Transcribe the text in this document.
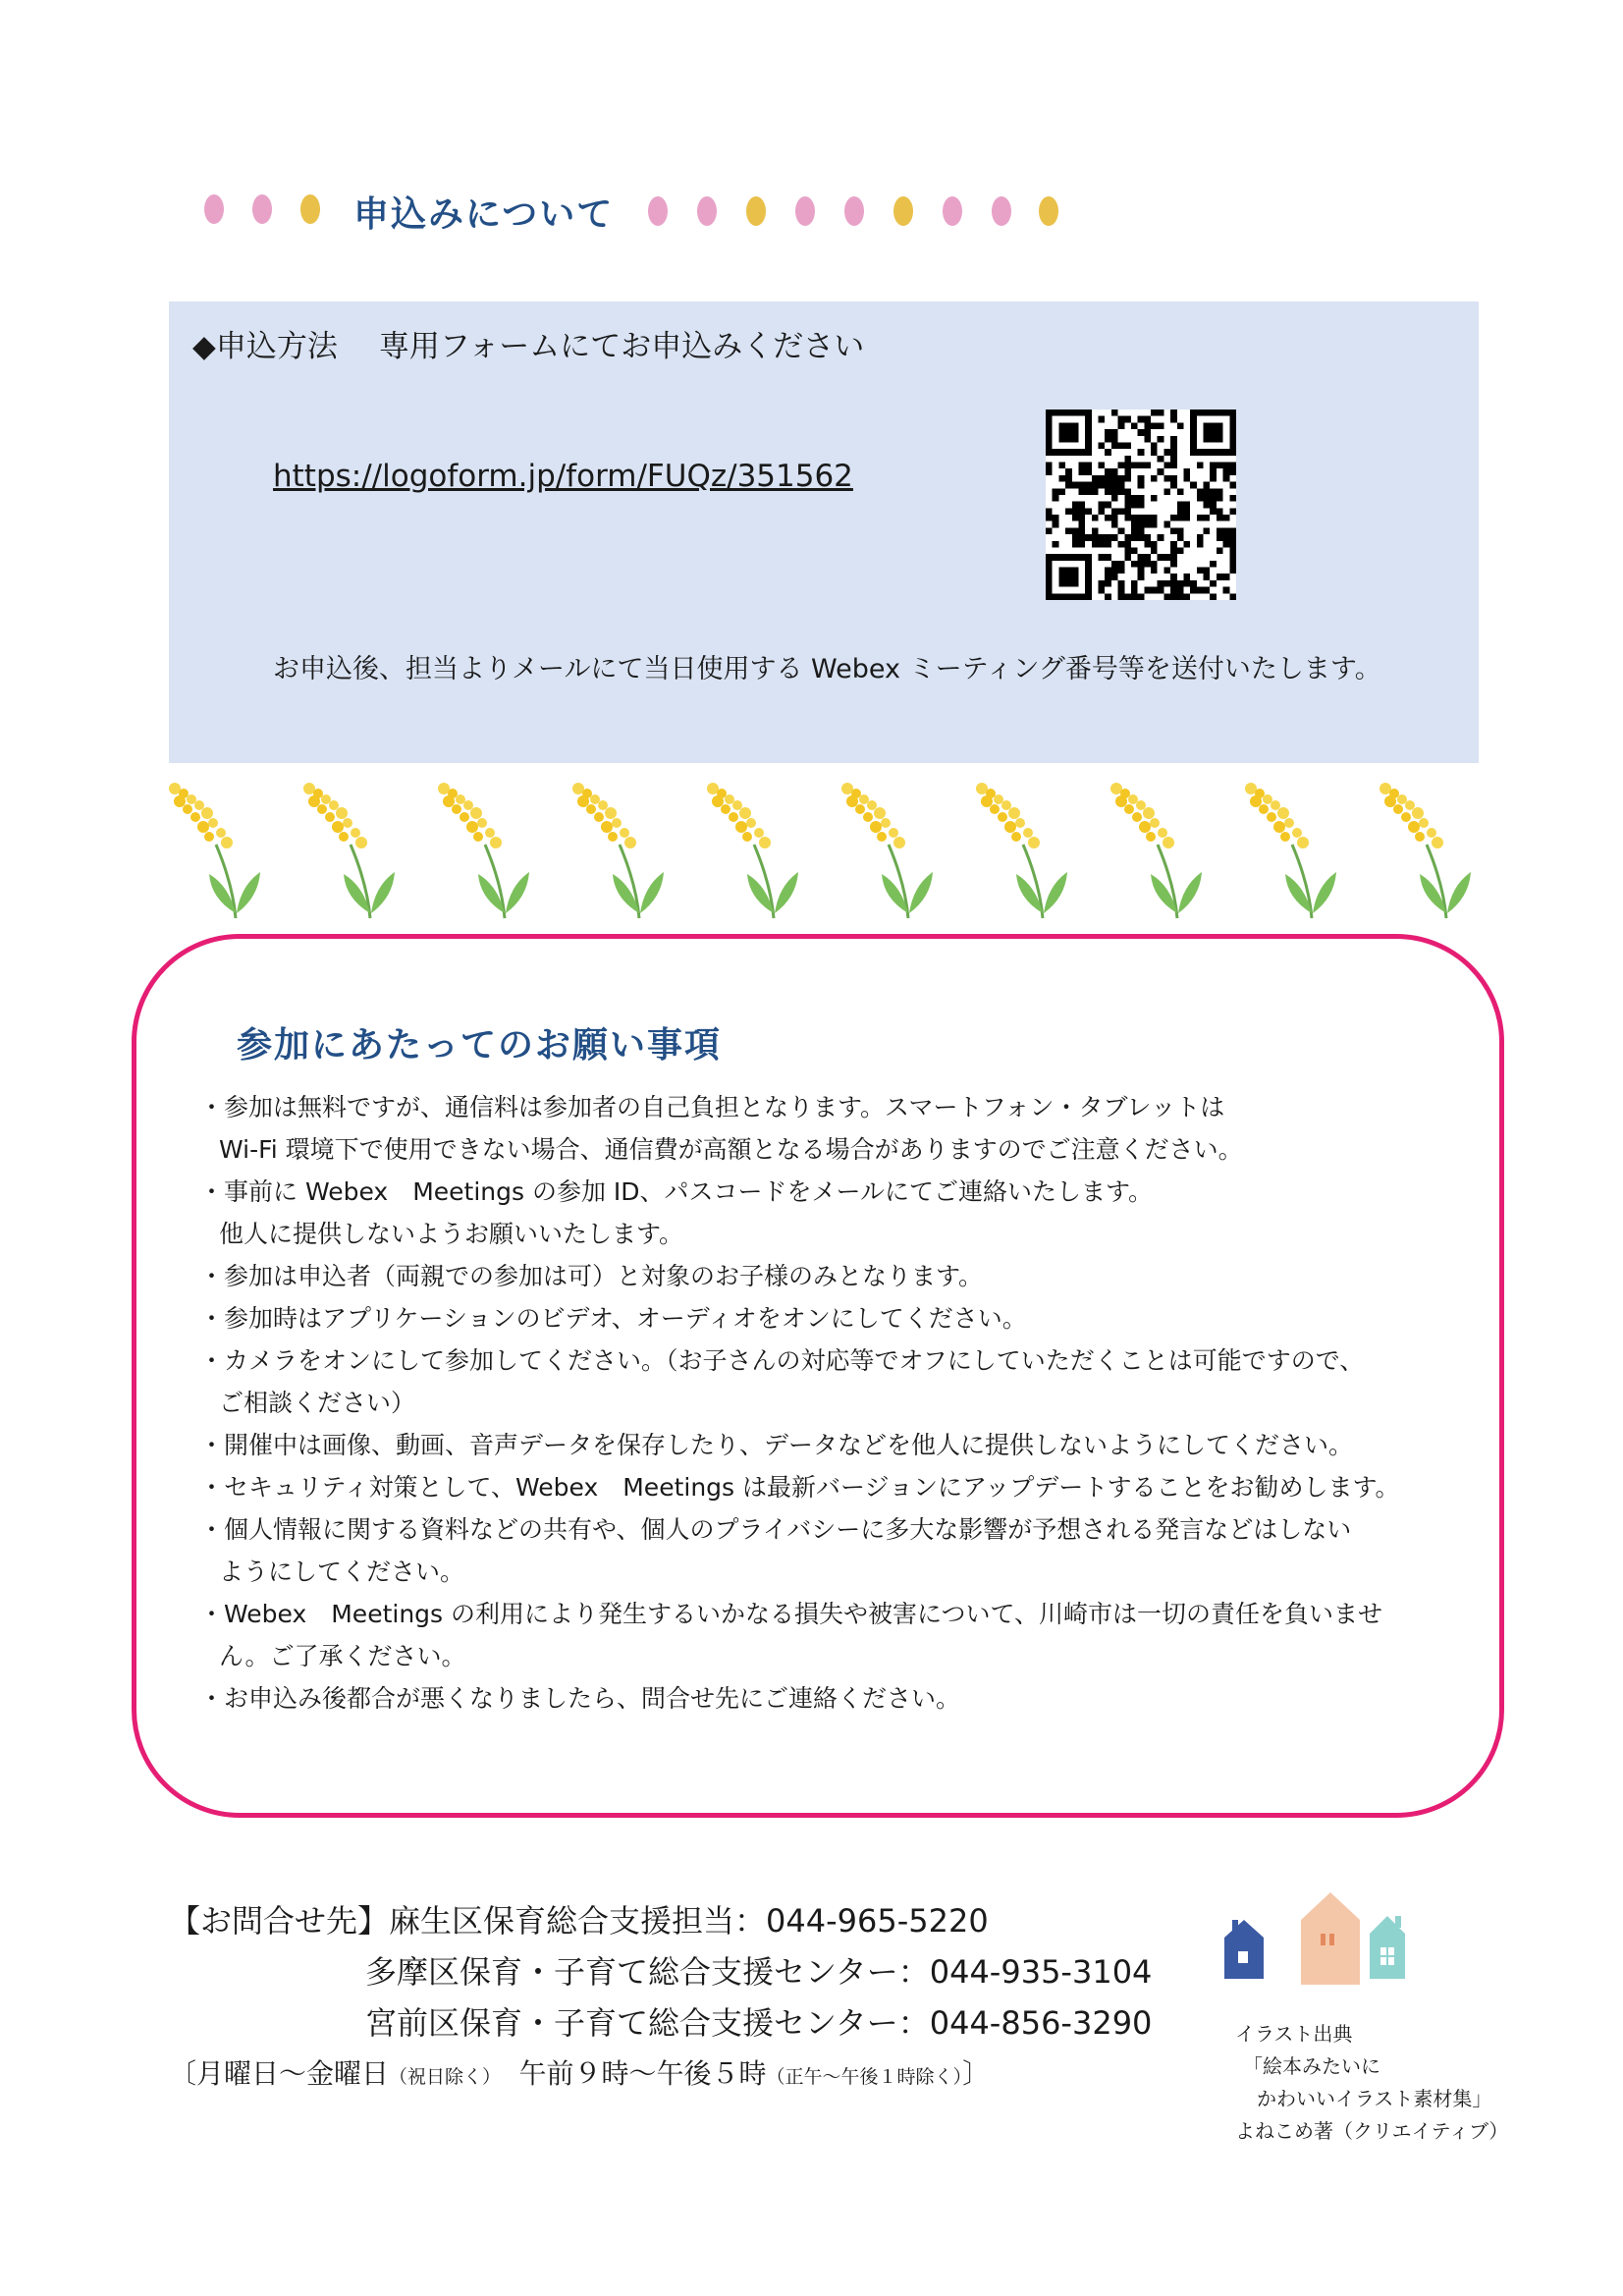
申込みについて
◆申込方法 専用フォームにてお申込みください
https://logoform.jp/form/FUQz/351562
お申込後、担当よりメールにて当日使用する Webex ミーティング番号等を送付いたします。
参加にあたってのお願い事項
・参加は無料ですが、通信料は参加者の自己負担となります。スマートフォン・タブレットは
Wi-Fi 環境下で使用できない場合、通信費が高額となる場合がありますのでご注意ください。
・事前に Webex　Meetings の参加 ID、パスコードをメールにてご連絡いたします。
他人に提供しないようお願いいたします。
・参加は申込者（両親での参加は可）と対象のお子様のみとなります。
・参加時はアプリケーションのビデオ、オーディオをオンにしてください。
・カメラをオンにして参加してください。（お子さんの対応等でオフにしていただくことは可能ですので、
ご相談ください）
・開催中は画像、動画、音声データを保存したり、データなどを他人に提供しないようにしてください。
・セキュリティ対策として、Webex　Meetings は最新バージョンにアップデートすることをお勧めします。
・個人情報に関する資料などの共有や、個人のプライバシーに多大な影響が予想される発言などはしない
ようにしてください。
・Webex　Meetings の利用により発生するいかなる損失や被害について、川崎市は一切の責任を負いませ
ん。ご了承ください。
・お申込み後都合が悪くなりましたら、問合せ先にご連絡ください。
【お問合せ先】麻生区保育総合支援担当：044-965-5220
多摩区保育・子育て総合支援センター：044-935-3104
宮前区保育・子育て総合支援センター：044-856-3290
〔月曜日～金曜日（祝日除く）　午前９時～午後５時（正午～午後１時除く）〕
イラスト出典
「絵本みたいに
かわいいイラスト素材集」
よねこめ著（クリエイティブ）
